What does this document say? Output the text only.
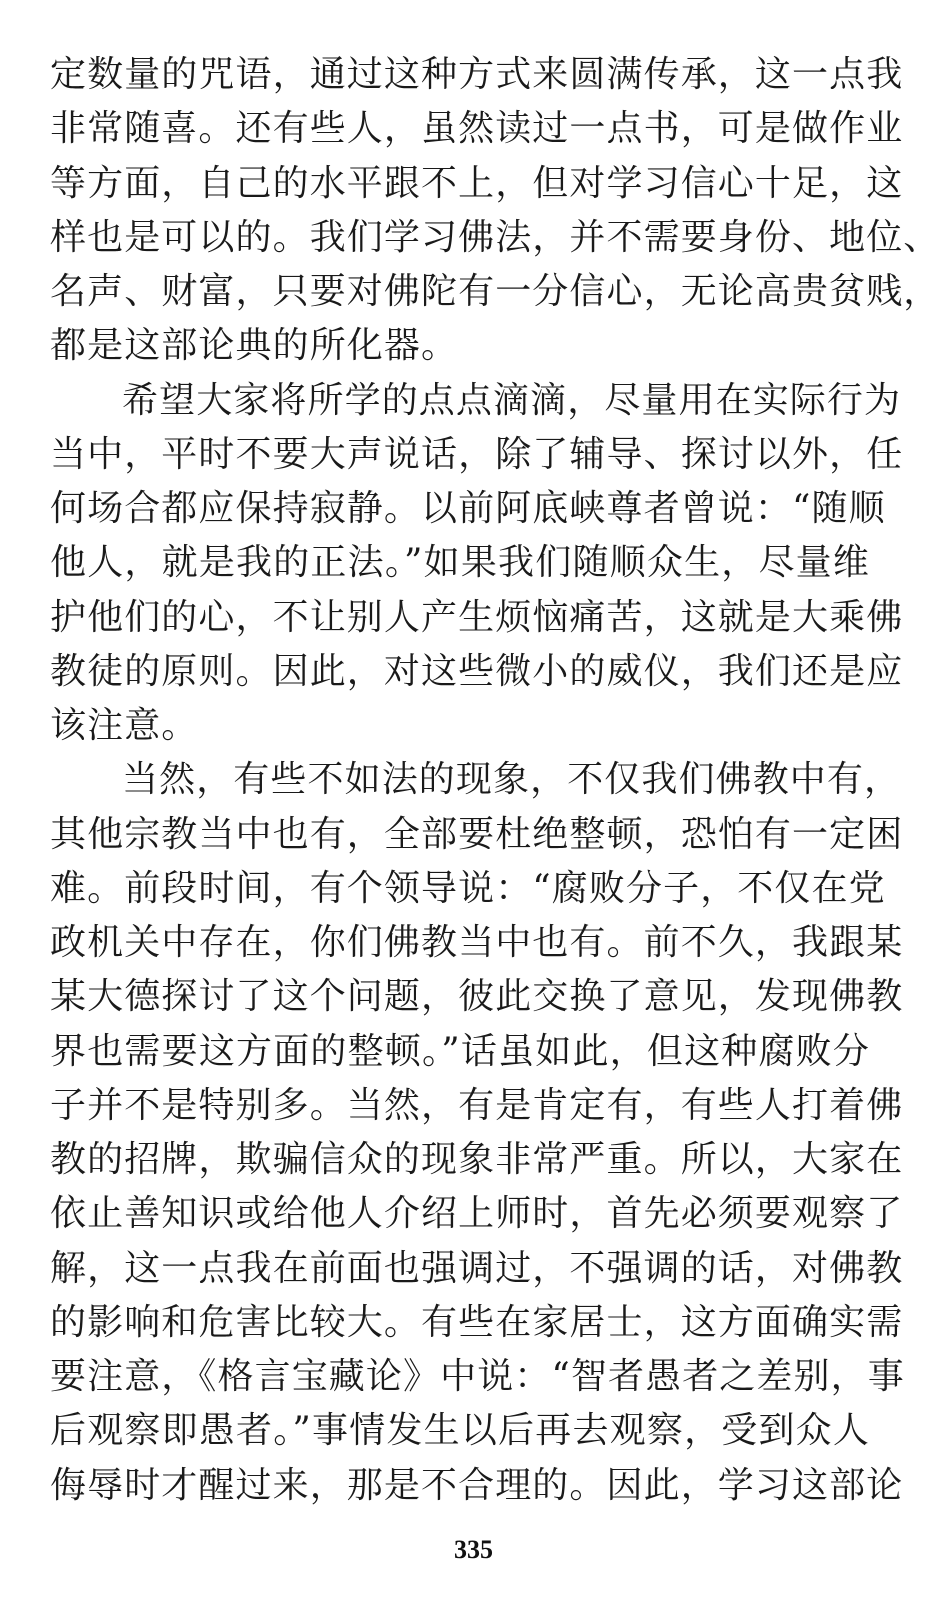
定数量的咒语，通过这种方式来圆满传承，这一点我
非常随喜。还有些人，虽然读过一点书，可是做作业
等方面，自己的水平跟不上，但对学习信心十足，这
样也是可以的。我们学习佛法，并不需要身份、地位、
名声、财富，只要对佛陀有一分信心，无论高贵贫贱，
都是这部论典的所化器。
希望大家将所学的点点滴滴，尽量用在实际行为
当中，平时不要大声说话，除了辅导、探讨以外，任
何场合都应保持寂静。以前阿底峡尊者曾说：“随顺
他人，就是我的正法。”如果我们随顺众生，尽量维
护他们的心，不让别人产生烦恼痛苦，这就是大乘佛
教徒的原则。因此，对这些微小的威仪，我们还是应
该注意。
当然，有些不如法的现象，不仅我们佛教中有，
其他宗教当中也有，全部要杜绝整顿，恐怕有一定困
难。前段时间，有个领导说：“腐败分子，不仅在党
政机关中存在，你们佛教当中也有。前不久，我跟某
某大德探讨了这个问题，彼此交换了意见，发现佛教
界也需要这方面的整顿。”话虽如此，但这种腐败分
子并不是特别多。当然，有是肯定有，有些人打着佛
教的招牌，欺骗信众的现象非常严重。所以，大家在
依止善知识或给他人介绍上师时，首先必须要观察了
解，这一点我在前面也强调过，不强调的话，对佛教
的影响和危害比较大。有些在家居士，这方面确实需
要注意，《格言宝藏论》中说：“智者愚者之差别，事
后观察即愚者。”事情发生以后再去观察，受到众人
侮辱时才醒过来，那是不合理的。因此，学习这部论
335
